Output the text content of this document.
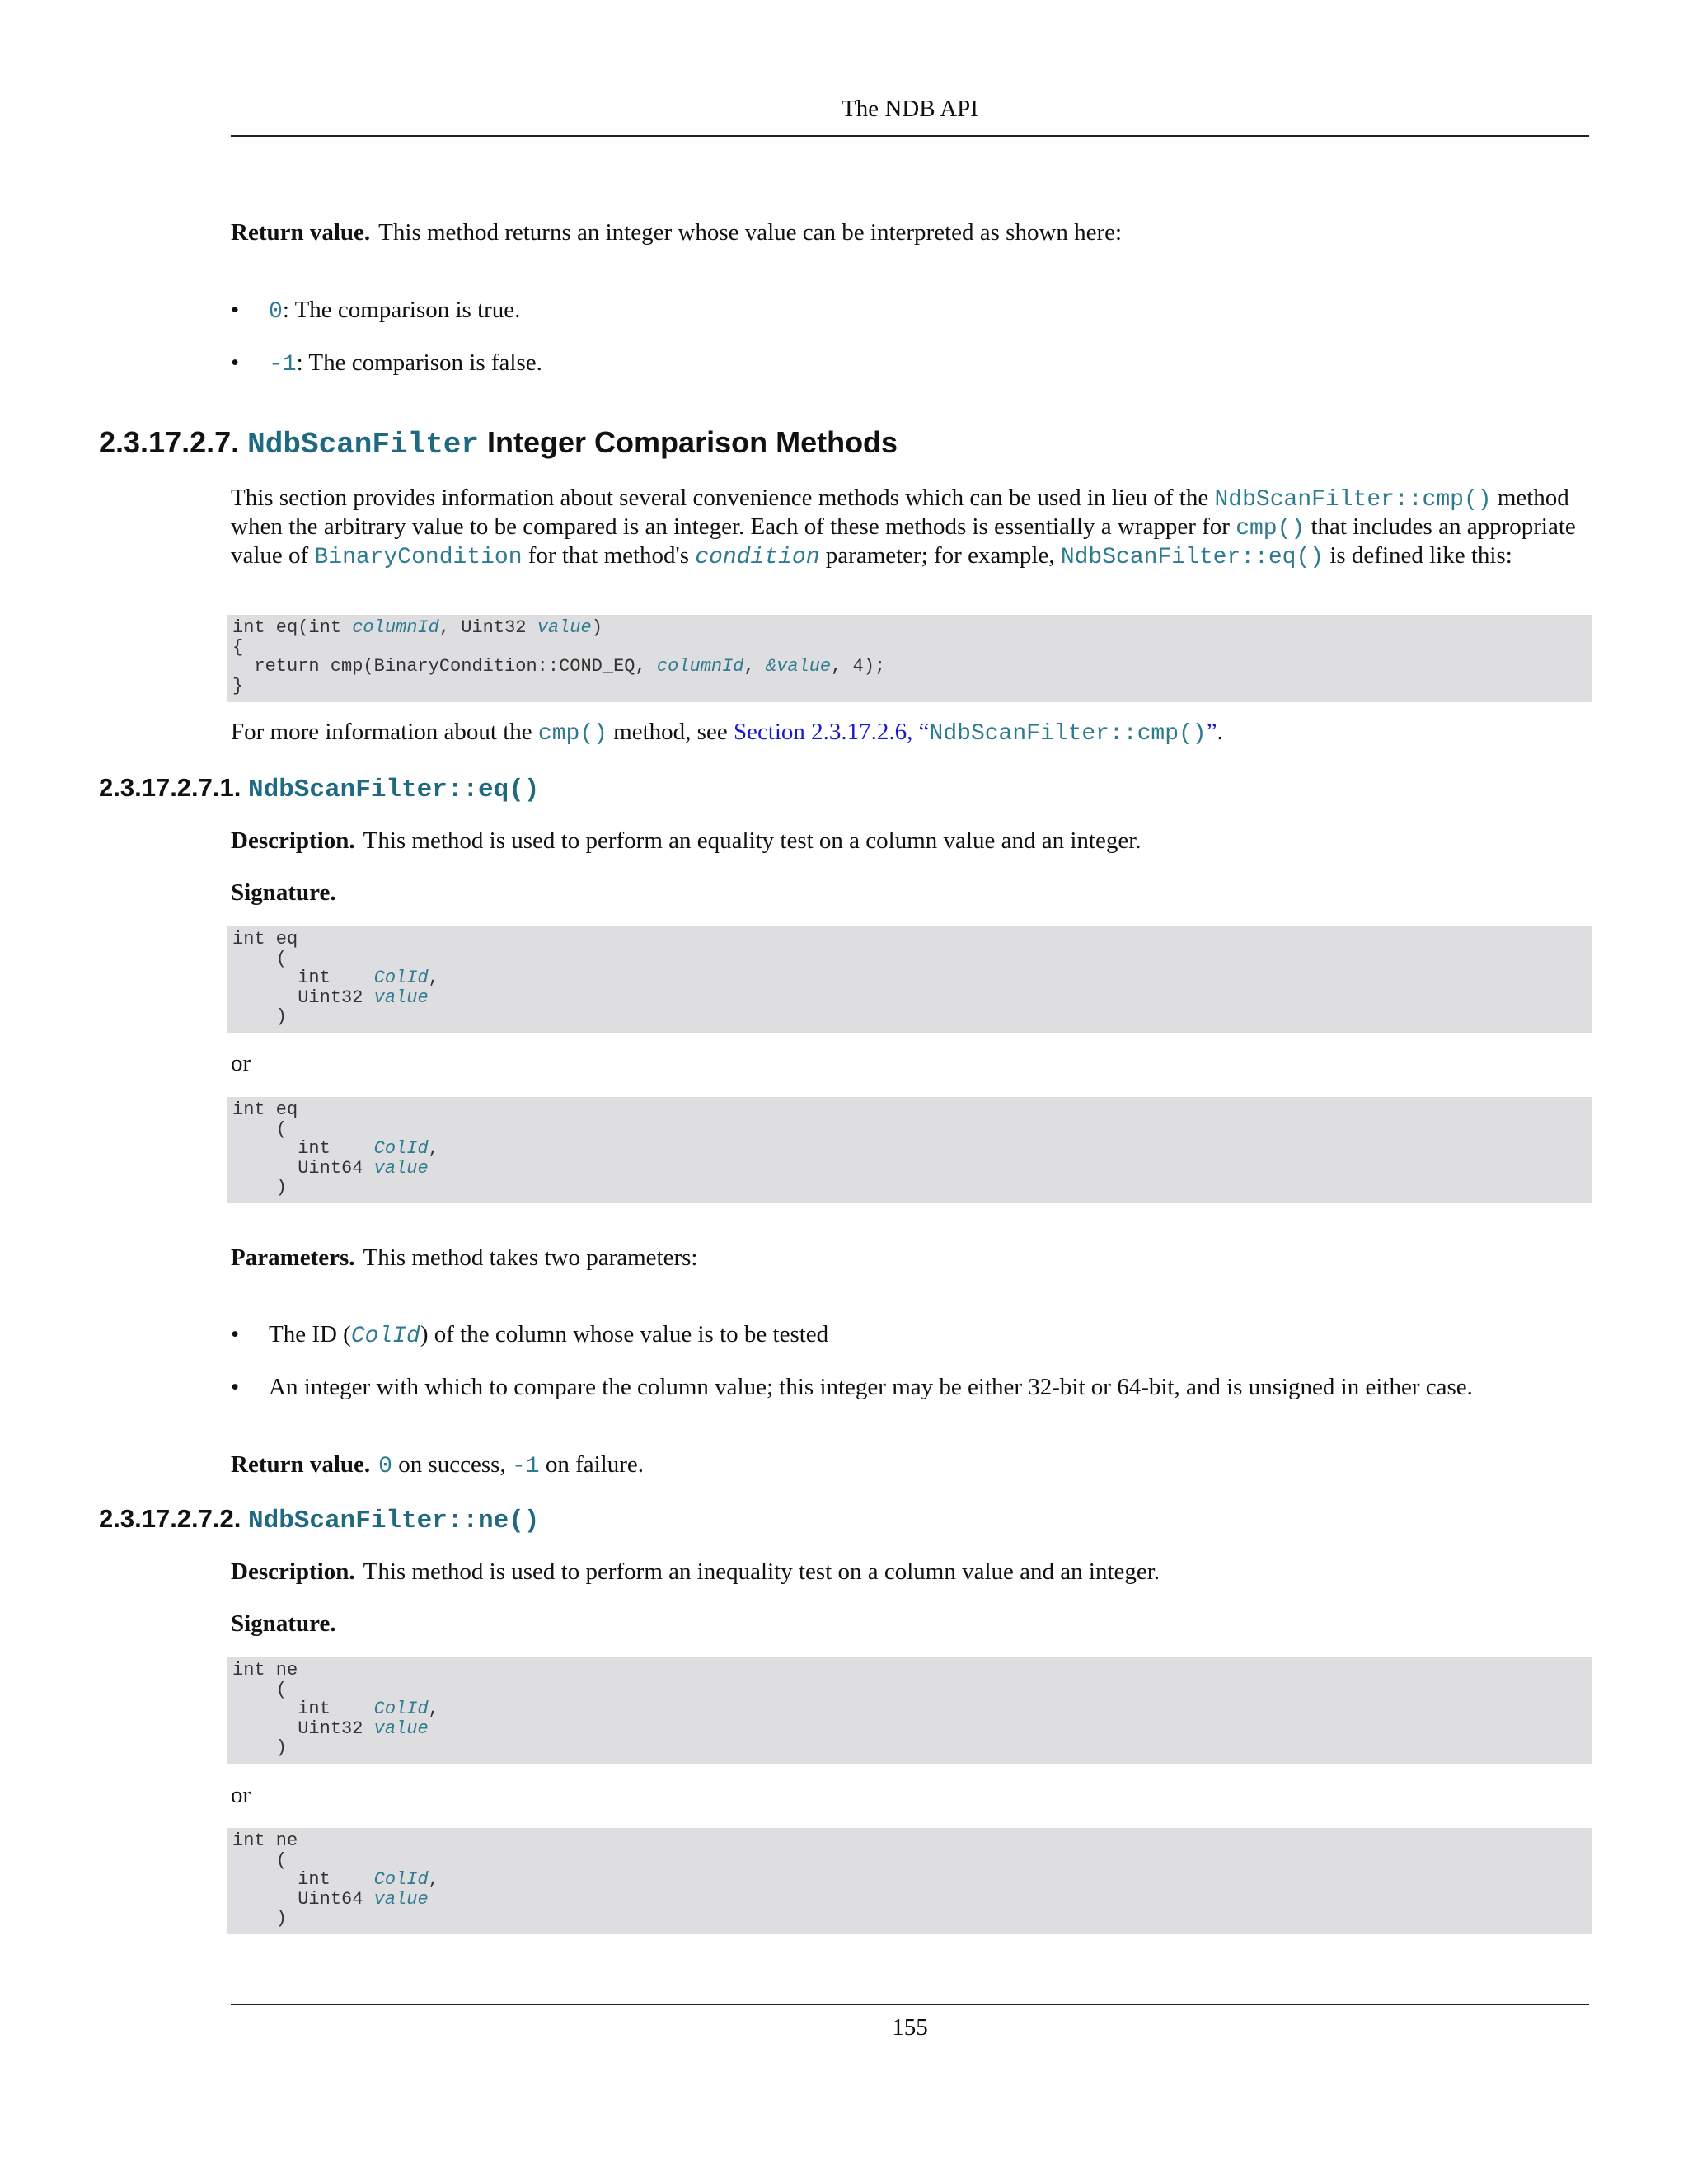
The NDB API
Return value. This method returns an integer whose value can be interpreted as shown here:
• 0: The comparison is true.
• -1: The comparison is false.
2.3.17.2.7. NdbScanFilter Integer Comparison Methods
This section provides information about several convenience methods which can be used in lieu of the NdbScanFilter::cmp() method when the arbitrary value to be compared is an integer. Each of these methods is essentially a wrapper for cmp() that includes an appropriate value of BinaryCondition for that method's condition parameter; for example, NdbScanFilter::eq() is defined like this:
int eq(int columnId, Uint32 value)
{
return cmp(BinaryCondition::COND_EQ, columnId, &value, 4);
}
For more information about the cmp() method, see Section 2.3.17.2.6, “NdbScanFilter::cmp()”.
2.3.17.2.7.1. NdbScanFilter::eq()
Description. This method is used to perform an equality test on a column value and an integer.
Signature.
int eq
(
int    ColId,
Uint32 value
)
or
int eq
(
int    ColId,
Uint64 value
)
Parameters. This method takes two parameters:
• The ID (ColId) of the column whose value is to be tested
• An integer with which to compare the column value; this integer may be either 32-bit or 64-bit, and is unsigned in either case.
Return value. 0 on success, -1 on failure.
2.3.17.2.7.2. NdbScanFilter::ne()
Description. This method is used to perform an inequality test on a column value and an integer.
Signature.
int ne
(
int    ColId,
Uint32 value
)
or
int ne
(
int    ColId,
Uint64 value
)
155
